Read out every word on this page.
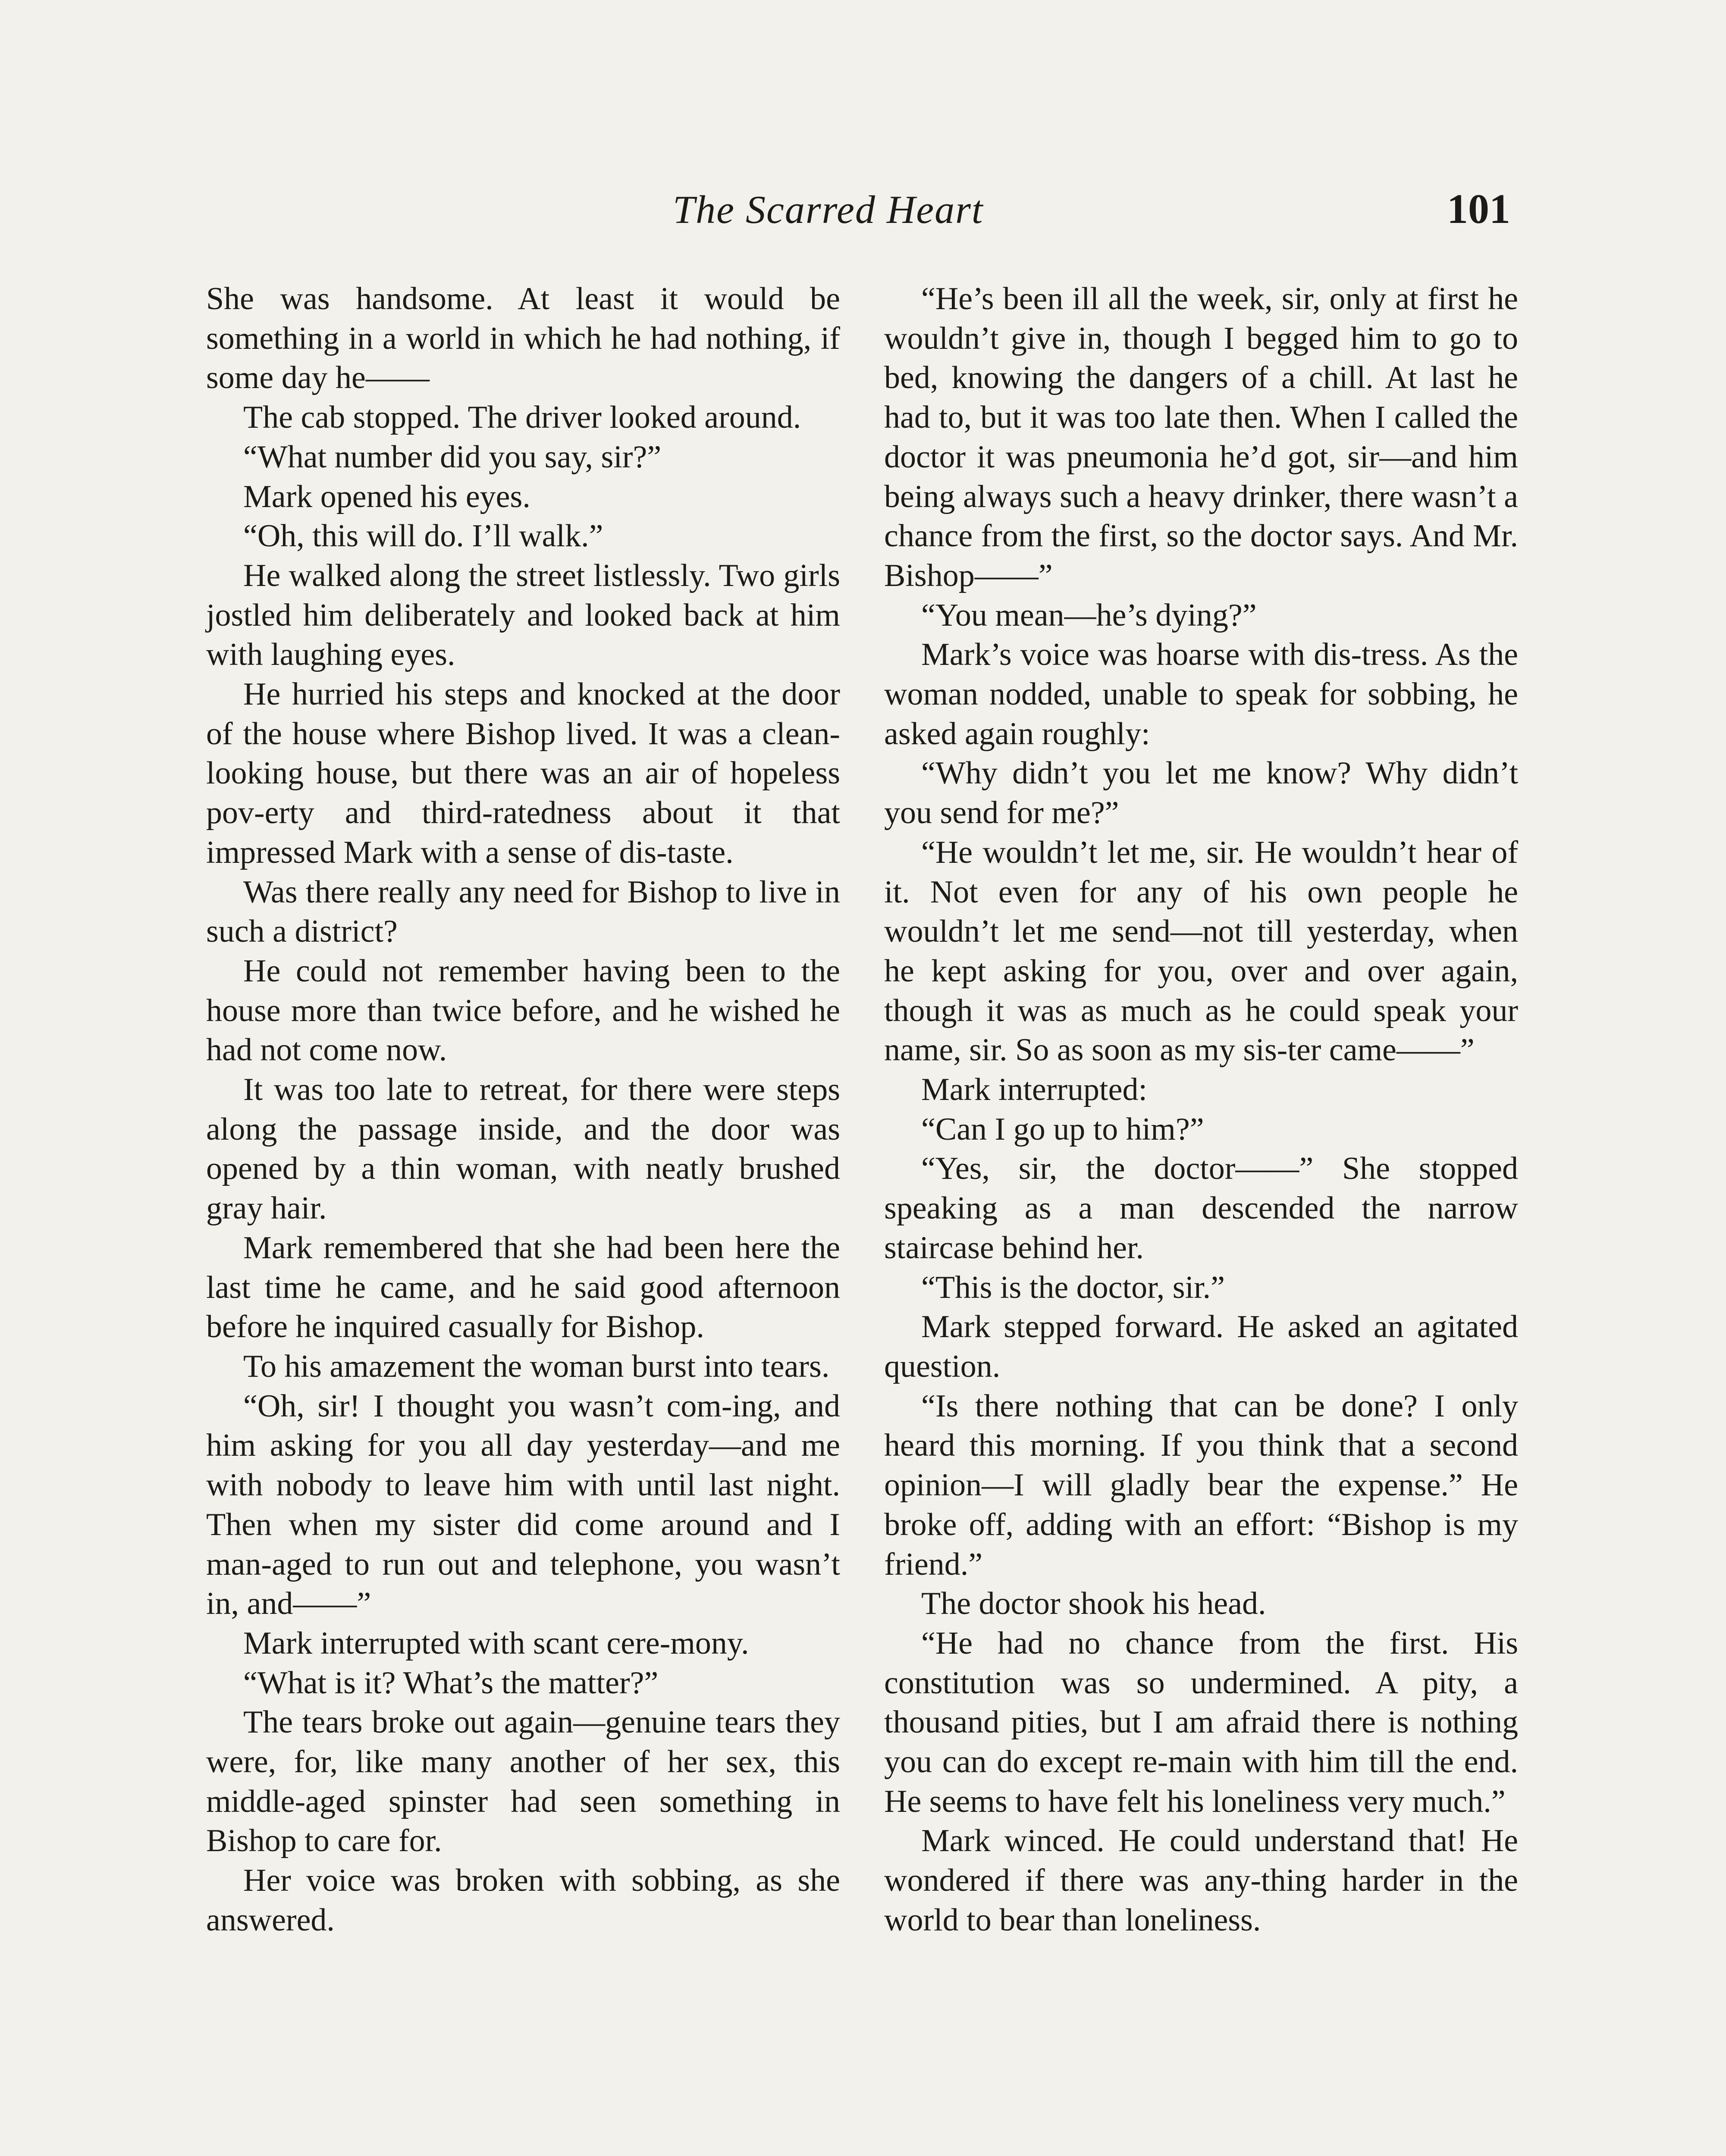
The Scarred Heart	101

She was handsome. At least it would be something in a world in which he had nothing, if some day he——

The cab stopped. The driver looked around.

“What number did you say, sir?”

Mark opened his eyes.

“Oh, this will do. I’ll walk.”

He walked along the street listlessly. Two girls jostled him deliberately and looked back at him with laughing eyes.

He hurried his steps and knocked at the door of the house where Bishop lived. It was a clean-looking house, but there was an air of hopeless pov-erty and third-ratedness about it that impressed Mark with a sense of dis-taste.

Was there really any need for Bishop to live in such a district?

He could not remember having been to the house more than twice before, and he wished he had not come now.

It was too late to retreat, for there were steps along the passage inside, and the door was opened by a thin woman, with neatly brushed gray hair.

Mark remembered that she had been here the last time he came, and he said good afternoon before he inquired casually for Bishop.

To his amazement the woman burst into tears.

“Oh, sir! I thought you wasn’t com-ing, and him asking for you all day yesterday—and me with nobody to leave him with until last night. Then when my sister did come around and I man-aged to run out and telephone, you wasn’t in, and——”

Mark interrupted with scant cere-mony.

“What is it? What’s the matter?”

The tears broke out again—genuine tears they were, for, like many another of her sex, this middle-aged spinster had seen something in Bishop to care for.

Her voice was broken with sobbing, as she answered.

“He’s been ill all the week, sir, only at first he wouldn’t give in, though I begged him to go to bed, knowing the dangers of a chill. At last he had to, but it was too late then. When I called the doctor it was pneumonia he’d got, sir—and him being always such a heavy drinker, there wasn’t a chance from the first, so the doctor says. And Mr. Bishop——”

“You mean—he’s dying?”

Mark’s voice was hoarse with dis-tress. As the woman nodded, unable to speak for sobbing, he asked again roughly:

“Why didn’t you let me know? Why didn’t you send for me?”

“He wouldn’t let me, sir. He wouldn’t hear of it. Not even for any of his own people he wouldn’t let me send—not till yesterday, when he kept asking for you, over and over again, though it was as much as he could speak your name, sir. So as soon as my sis-ter came——”

Mark interrupted:

“Can I go up to him?”

“Yes, sir, the doctor——” She stopped speaking as a man descended the narrow staircase behind her.

“This is the doctor, sir.”

Mark stepped forward. He asked an agitated question.

“Is there nothing that can be done? I only heard this morning. If you think that a second opinion—I will gladly bear the expense.” He broke off, adding with an effort: “Bishop is my friend.”

The doctor shook his head.

“He had no chance from the first. His constitution was so undermined. A pity, a thousand pities, but I am afraid there is nothing you can do except re-main with him till the end. He seems to have felt his loneliness very much.”

Mark winced. He could understand that! He wondered if there was any-thing harder in the world to bear than loneliness.
